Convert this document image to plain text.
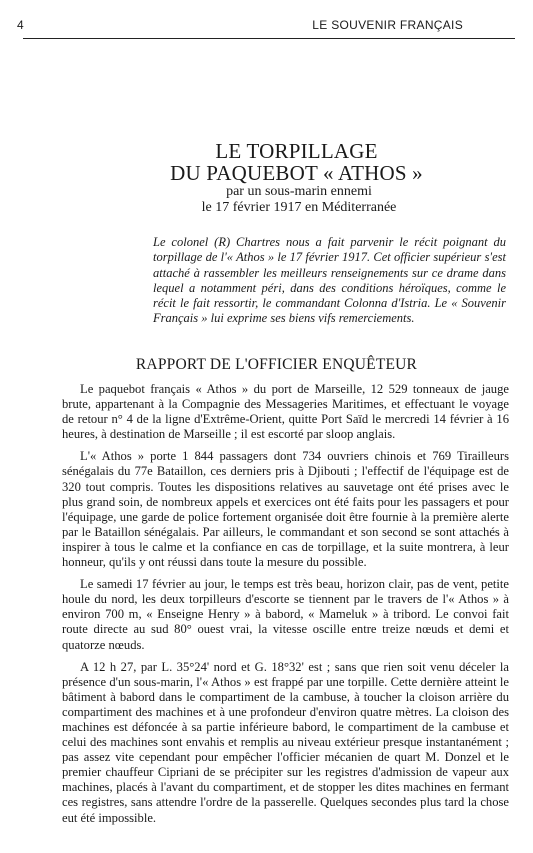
4	LE SOUVENIR FRANÇAIS
LE TORPILLAGE
DU PAQUEBOT « ATHOS »
par un sous-marin ennemi
le 17 février 1917 en Méditerranée
Le colonel (R) Chartres nous a fait parvenir le récit poignant du torpillage de l'« Athos » le 17 février 1917. Cet officier supérieur s'est attaché à rassembler les meilleurs renseignements sur ce drame dans lequel a notamment péri, dans des conditions héroïques, comme le récit le fait ressortir, le commandant Colonna d'Istria. Le « Souvenir Français » lui exprime ses biens vifs remerciements.
RAPPORT DE L'OFFICIER ENQUÊTEUR

Le paquebot français « Athos » du port de Marseille, 12 529 tonneaux de jauge brute, appartenant à la Compagnie des Messageries Maritimes, et effectuant le voyage de retour n° 4 de la ligne d'Extrême-Orient, quitte Port Saïd le mercredi 14 février à 16 heures, à destination de Marseille ; il est escorté par sloop anglais.

L'« Athos » porte 1 844 passagers dont 734 ouvriers chinois et 769 Tirailleurs sénégalais du 77e Bataillon, ces derniers pris à Djibouti ; l'effectif de l'équipage est de 320 tout compris. Toutes les dispositions relatives au sauvetage ont été prises avec le plus grand soin, de nombreux appels et exercices ont été faits pour les passagers et pour l'équipage, une garde de police fortement organisée doit être fournie à la première alerte par le Bataillon sénégalais. Par ailleurs, le commandant et son second se sont attachés à inspirer à tous le calme et la confiance en cas de torpillage, et la suite montrera, à leur honneur, qu'ils y ont réussi dans toute la mesure du possible.

Le samedi 17 février au jour, le temps est très beau, horizon clair, pas de vent, petite houle du nord, les deux torpilleurs d'escorte se tiennent par le travers de l'« Athos » à environ 700 m, « Enseigne Henry » à babord, « Mameluk » à tribord. Le convoi fait route directe au sud 80° ouest vrai, la vitesse oscille entre treize nœuds et demi et quatorze nœuds.

A 12 h 27, par L. 35°24' nord et G. 18°32' est ; sans que rien soit venu déceler la présence d'un sous-marin, l'« Athos » est frappé par une torpille. Cette dernière atteint le bâtiment à babord dans le compartiment de la cambuse, à toucher la cloison arrière du compartiment des machines et à une profondeur d'environ quatre mètres. La cloison des machines est défoncée à sa partie inférieure babord, le compartiment de la cambuse et celui des machines sont envahis et remplis au niveau extérieur presque instantanément ; pas assez vite cependant pour empêcher l'officier mécanien de quart M. Donzel et le premier chauffeur Cipriani de se précipiter sur les registres d'admission de vapeur aux machines, placés à l'avant du compartiment, et de stopper les dites machines en fermant ces registres, sans attendre l'ordre de la passerelle. Quelques secondes plus tard la chose eut été impossible.
